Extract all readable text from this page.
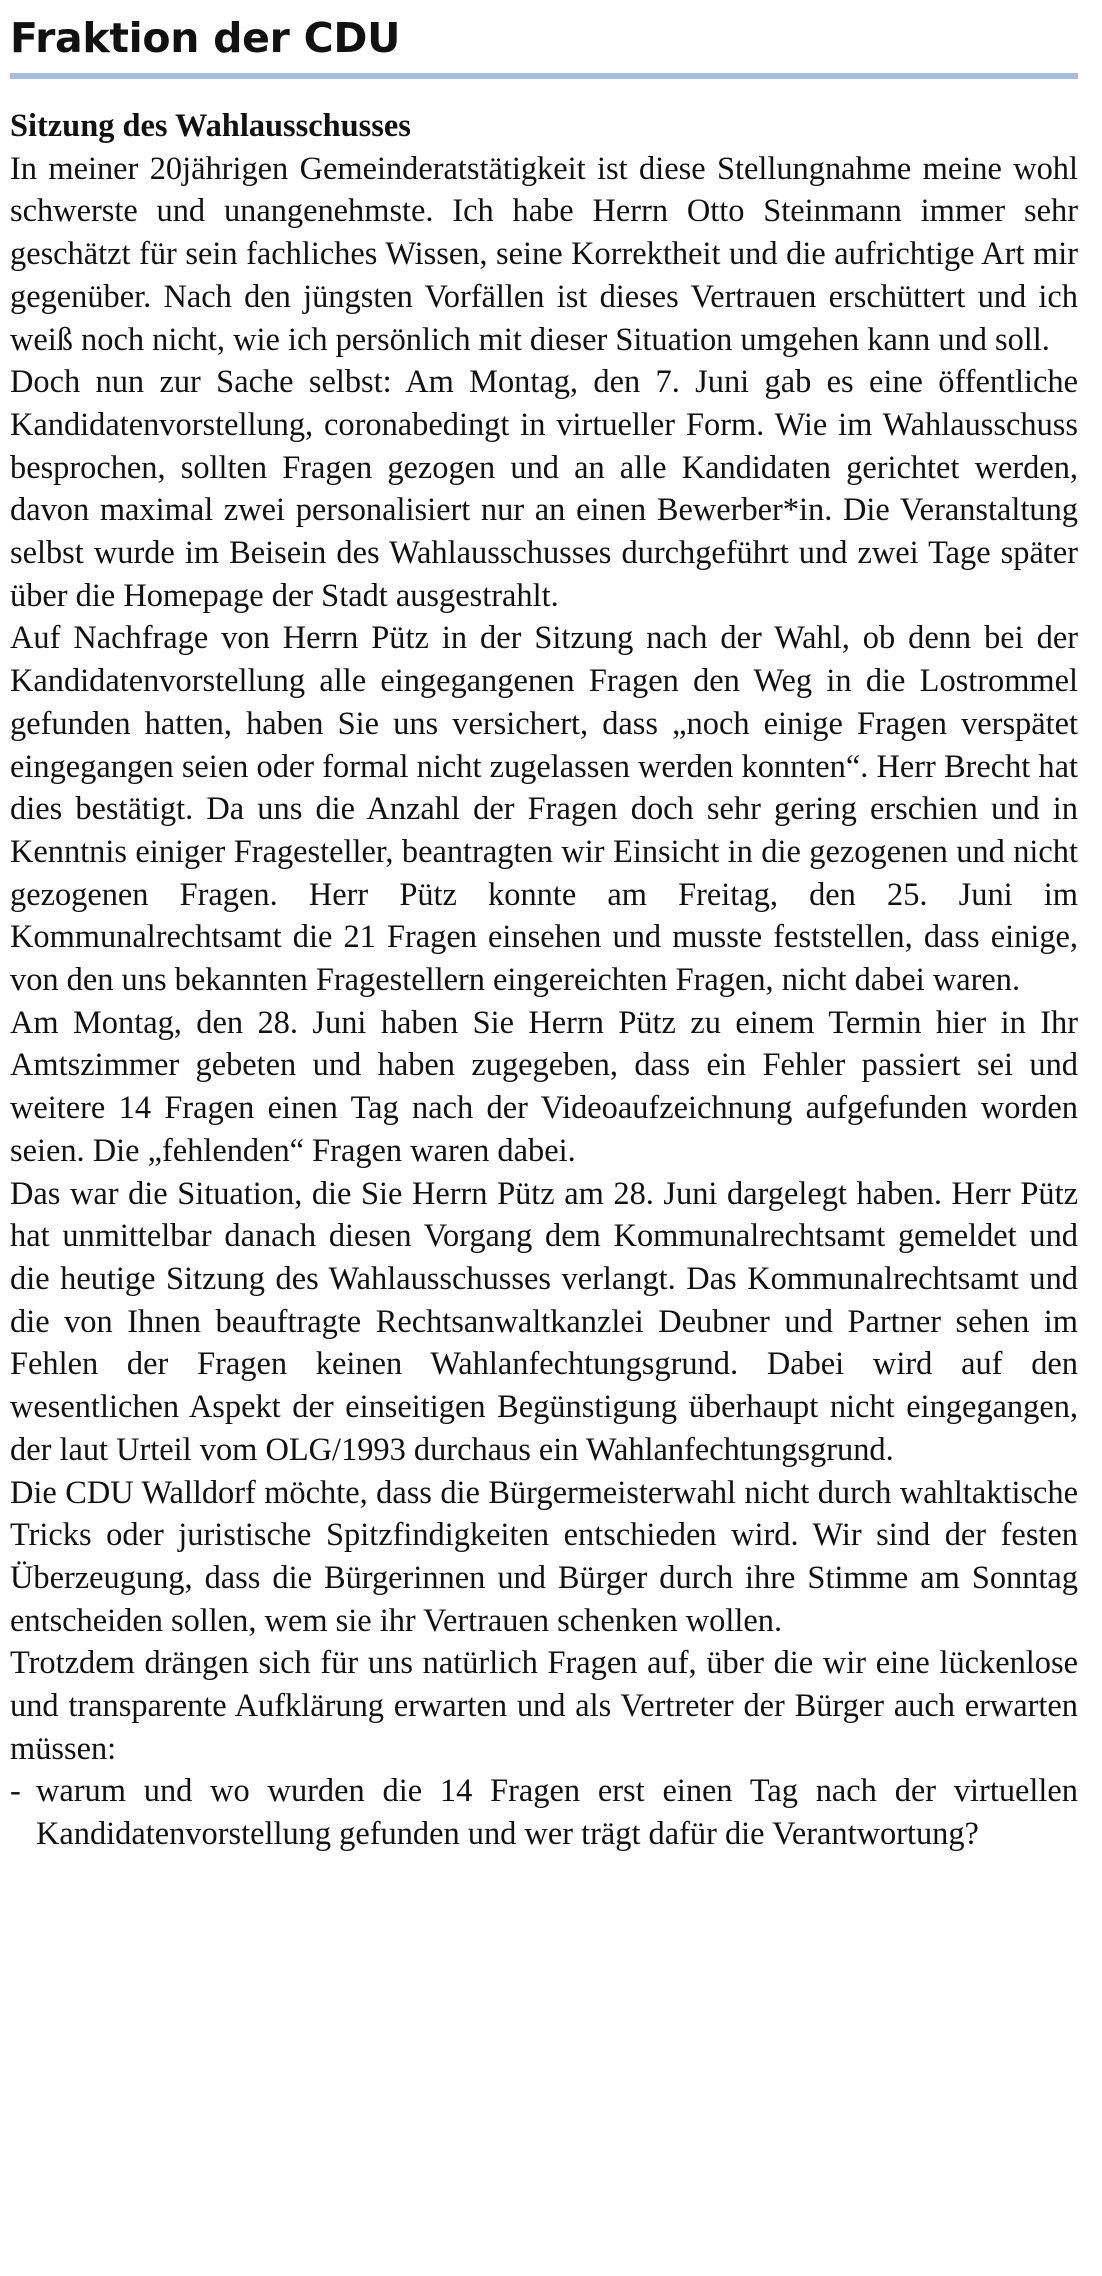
Fraktion der CDU

Sitzung des Wahlausschusses

In meiner 20jährigen Gemeinderatstätigkeit ist diese Stellungnahme meine wohl schwerste und unangenehmste. Ich habe Herrn Otto Steinmann immer sehr geschätzt für sein fachliches Wissen, seine Korrektheit und die aufrichtige Art mir gegenüber. Nach den jüngsten Vorfällen ist dieses Vertrauen erschüttert und ich weiß noch nicht, wie ich persönlich mit dieser Situation umgehen kann und soll.

Doch nun zur Sache selbst: Am Montag, den 7. Juni gab es eine öffentliche Kandidatenvorstellung, coronabedingt in virtueller Form. Wie im Wahlausschuss besprochen, sollten Fragen gezogen und an alle Kandidaten gerichtet werden, davon maximal zwei personalisiert nur an einen Bewerber*in. Die Veranstaltung selbst wurde im Beisein des Wahlausschusses durchgeführt und zwei Tage später über die Homepage der Stadt ausgestrahlt.

Auf Nachfrage von Herrn Pütz in der Sitzung nach der Wahl, ob denn bei der Kandidatenvorstellung alle eingegangenen Fragen den Weg in die Lostrommel gefunden hatten, haben Sie uns versichert, dass „noch einige Fragen verspätet eingegangen seien oder formal nicht zugelassen werden konnten“. Herr Brecht hat dies bestätigt. Da uns die Anzahl der Fragen doch sehr gering erschien und in Kenntnis einiger Fragesteller, beantragten wir Einsicht in die gezogenen und nicht gezogenen Fragen. Herr Pütz konnte am Freitag, den 25. Juni im Kommunalrechtsamt die 21 Fragen einsehen und musste feststellen, dass einige, von den uns bekannten Fragestellern eingereichten Fragen, nicht dabei waren.

Am Montag, den 28. Juni haben Sie Herrn Pütz zu einem Termin hier in Ihr Amtszimmer gebeten und haben zugegeben, dass ein Fehler passiert sei und weitere 14 Fragen einen Tag nach der Videoaufzeichnung aufgefunden worden seien. Die „fehlenden“ Fragen waren dabei.

Das war die Situation, die Sie Herrn Pütz am 28. Juni dargelegt haben. Herr Pütz hat unmittelbar danach diesen Vorgang dem Kommunalrechtsamt gemeldet und die heutige Sitzung des Wahlausschusses verlangt. Das Kommunalrechtsamt und die von Ihnen beauftragte Rechtsanwaltkanzlei Deubner und Partner sehen im Fehlen der Fragen keinen Wahlanfechtungsgrund. Dabei wird auf den wesentlichen Aspekt der einseitigen Begünstigung überhaupt nicht eingegangen, der laut Urteil vom OLG/1993 durchaus ein Wahlanfechtungsgrund.

Die CDU Walldorf möchte, dass die Bürgermeisterwahl nicht durch wahltaktische Tricks oder juristische Spitzfindigkeiten entschieden wird. Wir sind der festen Überzeugung, dass die Bürgerinnen und Bürger durch ihre Stimme am Sonntag entscheiden sollen, wem sie ihr Vertrauen schenken wollen.

Trotzdem drängen sich für uns natürlich Fragen auf, über die wir eine lückenlose und transparente Aufklärung erwarten und als Vertreter der Bürger auch erwarten müssen:

- warum und wo wurden die 14 Fragen erst einen Tag nach der virtuellen Kandidatenvorstellung gefunden und wer trägt dafür die Verantwortung?
